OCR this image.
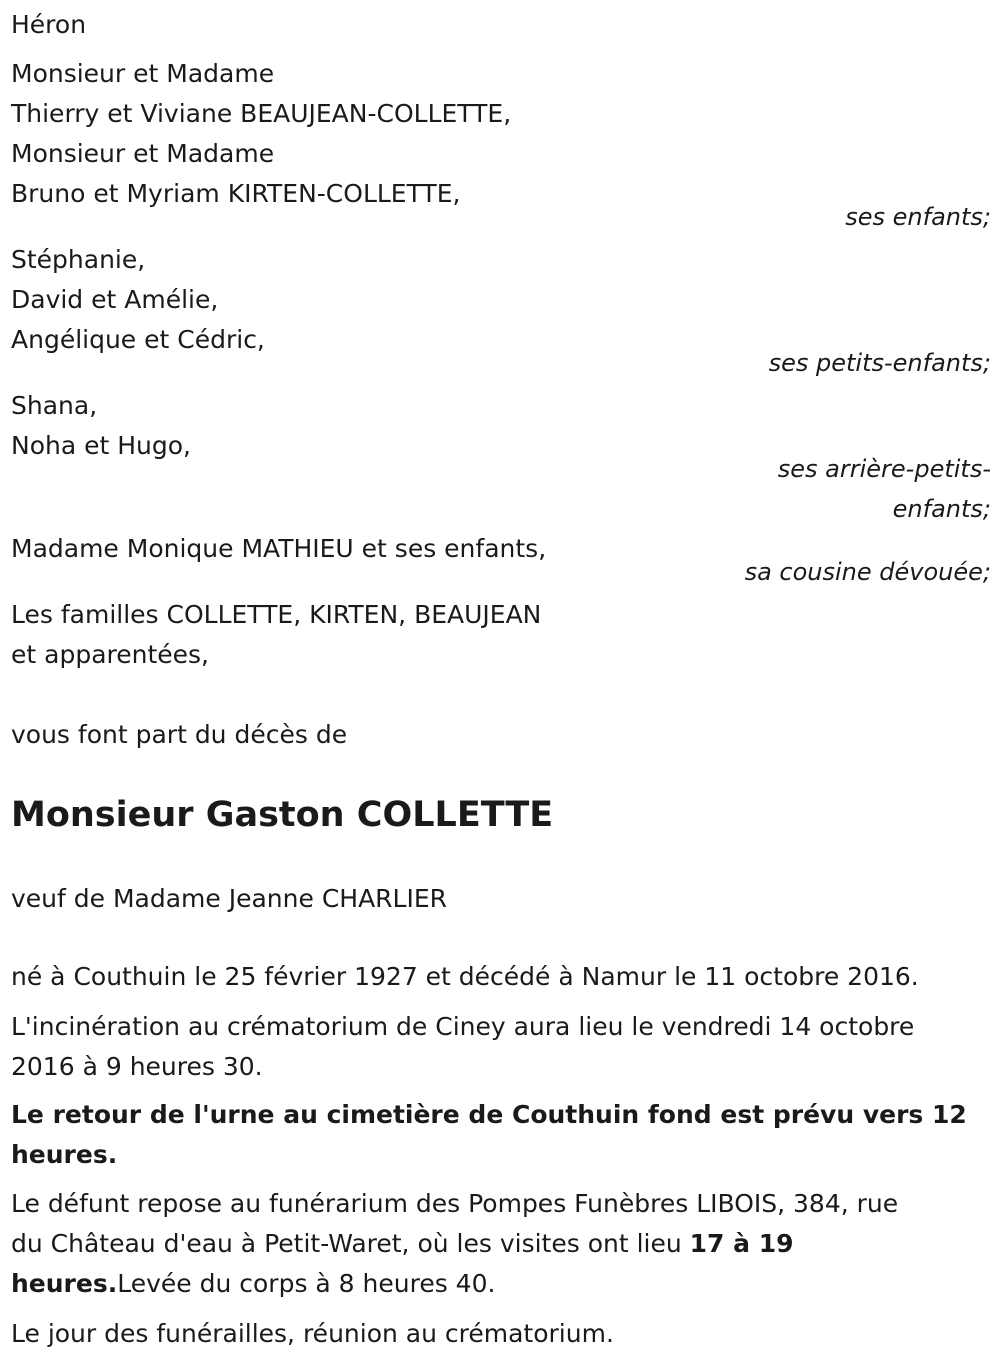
Héron
Monsieur et Madame
Thierry et Viviane BEAUJEAN-COLLETTE,
Monsieur et Madame
Bruno et Myriam KIRTEN-COLLETTE,
ses enfants;
Stéphanie,
David et Amélie,
Angélique et Cédric,
ses petits-enfants;
Shana,
Noha et Hugo,
ses arrière-petits-
enfants;
Madame Monique MATHIEU et ses enfants,
sa cousine dévouée;
Les familles COLLETTE, KIRTEN, BEAUJEAN
et apparentées,

vous font part du décès de

Monsieur Gaston COLLETTE

veuf de Madame Jeanne CHARLIER

né à Couthuin le 25 février 1927 et décédé à Namur le 11 octobre 2016.

L'incinération au crématorium de Ciney aura lieu le vendredi 14 octobre
2016 à 9 heures 30.

Le retour de l'urne au cimetière de Couthuin fond est prévu vers 12
heures.

Le défunt repose au funérarium des Pompes Funèbres LIBOIS, 384, rue
du Château d'eau à Petit-Waret, où les visites ont lieu 17 à 19
heures.Levée du corps à 8 heures 40.

Le jour des funérailles, réunion au crématorium.
